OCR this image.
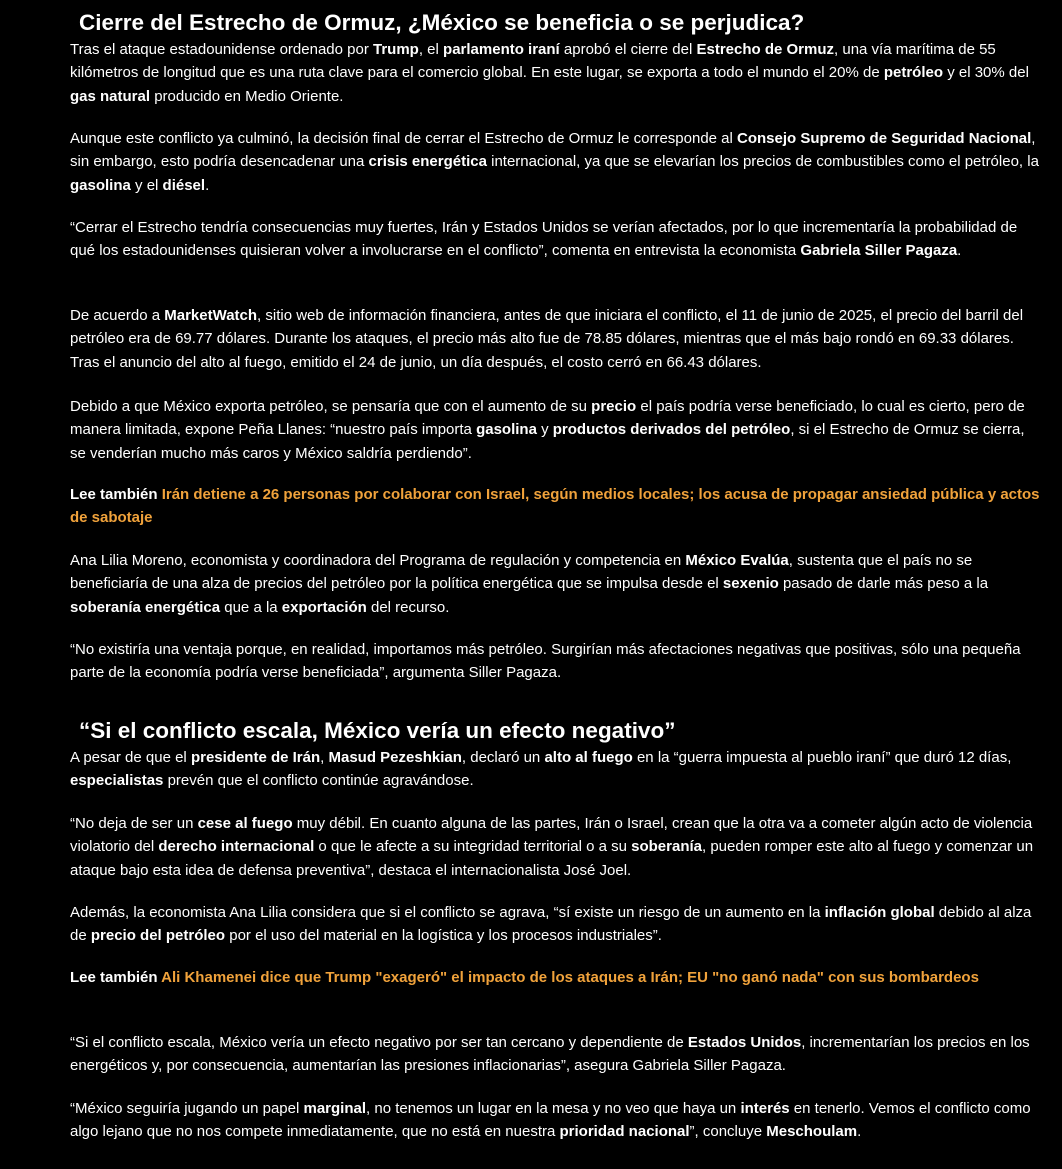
Cierre del Estrecho de Ormuz, ¿México se beneficia o se perjudica?

Tras el ataque estadounidense ordenado por Trump, el parlamento iraní aprobó el cierre del Estrecho de Ormuz, una vía marítima de 55 kilómetros de longitud que es una ruta clave para el comercio global. En este lugar, se exporta a todo el mundo el 20% de petróleo y el 30% del gas natural producido en Medio Oriente.

Aunque este conflicto ya culminó, la decisión final de cerrar el Estrecho de Ormuz le corresponde al Consejo Supremo de Seguridad Nacional, sin embargo, esto podría desencadenar una crisis energética internacional, ya que se elevarían los precios de combustibles como el petróleo, la gasolina y el diésel.

“Cerrar el Estrecho tendría consecuencias muy fuertes, Irán y Estados Unidos se verían afectados, por lo que incrementaría la probabilidad de qué los estadounidenses quisieran volver a involucrarse en el conflicto”, comenta en entrevista la economista Gabriela Siller Pagaza.

De acuerdo a MarketWatch, sitio web de información financiera, antes de que iniciara el conflicto, el 11 de junio de 2025, el precio del barril del petróleo era de 69.77 dólares. Durante los ataques, el precio más alto fue de 78.85 dólares, mientras que el más bajo rondó en 69.33 dólares. Tras el anuncio del alto al fuego, emitido el 24 de junio, un día después, el costo cerró en 66.43 dólares.

Debido a que México exporta petróleo, se pensaría que con el aumento de su precio el país podría verse beneficiado, lo cual es cierto, pero de manera limitada, expone Peña Llanes: “nuestro país importa gasolina y productos derivados del petróleo, si el Estrecho de Ormuz se cierra, se venderían mucho más caros y México saldría perdiendo”.

Lee también Irán detiene a 26 personas por colaborar con Israel, según medios locales; los acusa de propagar ansiedad pública y actos de sabotaje

Ana Lilia Moreno, economista y coordinadora del Programa de regulación y competencia en México Evalúa, sustenta que el país no se beneficiaría de una alza de precios del petróleo por la política energética que se impulsa desde el sexenio pasado de darle más peso a la soberanía energética que a la exportación del recurso.

“No existiría una ventaja porque, en realidad, importamos más petróleo. Surgirían más afectaciones negativas que positivas, sólo una pequeña parte de la economía podría verse beneficiada”, argumenta Siller Pagaza.

“Si el conflicto escala, México vería un efecto negativo”

A pesar de que el presidente de Irán, Masud Pezeshkian, declaró un alto al fuego en la “guerra impuesta al pueblo iraní” que duró 12 días, especialistas prevén que el conflicto continúe agravándose.

“No deja de ser un cese al fuego muy débil. En cuanto alguna de las partes, Irán o Israel, crean que la otra va a cometer algún acto de violencia violatorio del derecho internacional o que le afecte a su integridad territorial o a su soberanía, pueden romper este alto al fuego y comenzar un ataque bajo esta idea de defensa preventiva”, destaca el internacionalista José Joel.

Además, la economista Ana Lilia considera que si el conflicto se agrava, “sí existe un riesgo de un aumento en la inflación global debido al alza de precio del petróleo por el uso del material en la logística y los procesos industriales”.

Lee también Ali Khamenei dice que Trump "exageró" el impacto de los ataques a Irán; EU "no ganó nada" con sus bombardeos

“Si el conflicto escala, México vería un efecto negativo por ser tan cercano y dependiente de Estados Unidos, incrementarían los precios en los energéticos y, por consecuencia, aumentarían las presiones inflacionarias”, asegura Gabriela Siller Pagaza.

“México seguiría jugando un papel marginal, no tenemos un lugar en la mesa y no veo que haya un interés en tenerlo. Vemos el conflicto como algo lejano que no nos compete inmediatamente, que no está en nuestra prioridad nacional”, concluye Meschoulam.
